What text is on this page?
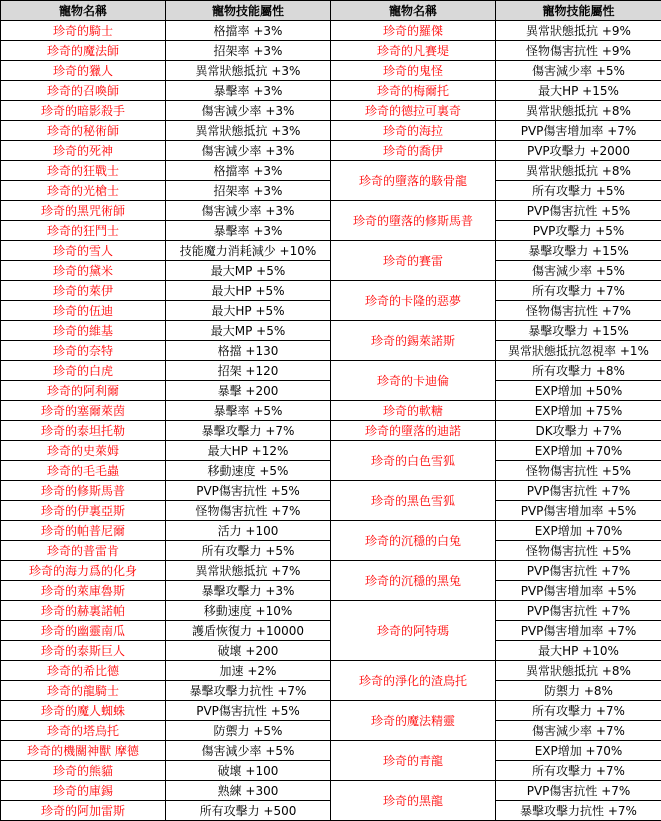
寵物名稱	寵物技能屬性	寵物名稱	寵物技能屬性
珍奇的騎士	格擋率 +3%	珍奇的羅傑	異常狀態抵抗 +9%
珍奇的魔法師	招架率 +3%	珍奇的凡賽堤	怪物傷害抗性 +9%
珍奇的獵人	異常狀態抵抗 +3%	珍奇的鬼怪	傷害減少率 +5%
珍奇的召喚師	暴擊率 +3%	珍奇的梅爾托	最大HP +15%
珍奇的暗影殺手	傷害減少率 +3%	珍奇的德拉可裏奇	異常狀態抵抗 +8%
珍奇的秘術師	異常狀態抵抗 +3%	珍奇的海拉	PVP傷害增加率 +7%
珍奇的死神	傷害減少率 +3%	珍奇的喬伊	PVP攻擊力 +2000
珍奇的狂戰士	格擋率 +3%	珍奇的墮落的駭骨龍	異常狀態抵抗 +8%
珍奇的光槍士	招架率 +3%		所有攻擊力 +5%
珍奇的黑咒術師	傷害減少率 +3%	珍奇的墮落的修斯馬普	PVP傷害抗性 +5%
珍奇的狂鬥士	暴擊率 +3%		PVP攻擊力 +5%
珍奇的雪人	技能魔力消耗減少 +10%	珍奇的賽雷	暴擊攻擊力 +15%
珍奇的黛米	最大MP +5%		傷害減少率 +5%
珍奇的萊伊	最大HP +5%	珍奇的卡隆的惡夢	所有攻擊力 +7%
珍奇的伍迪	最大HP +5%		怪物傷害抗性 +7%
珍奇的維基	最大MP +5%	珍奇的錫萊諾斯	暴擊攻擊力 +15%
珍奇的奈特	格擋 +130		異常狀態抵抗忽視率 +1%
珍奇的白虎	招架 +120	珍奇的卡迪倫	所有攻擊力 +8%
珍奇的阿利爾	暴擊 +200		EXP增加 +50%
珍奇的塞爾萊茵	暴擊率 +5%	珍奇的軟糖	EXP增加 +75%
珍奇的泰坦托勒	暴擊攻擊力 +7%	珍奇的墮落的迪諾	DK攻擊力 +7%
珍奇的史萊姆	最大HP +12%	珍奇的白色雪狐	EXP增加 +70%
珍奇的毛毛蟲	移動速度 +5%		怪物傷害抗性 +5%
珍奇的修斯馬普	PVP傷害抗性 +5%	珍奇的黑色雪狐	PVP傷害抗性 +7%
珍奇的伊裏亞斯	怪物傷害抗性 +7%		PVP傷害增加率 +5%
珍奇的帕普尼爾	活力 +100	珍奇的沉穩的白兔	EXP增加 +70%
珍奇的普雷肯	所有攻擊力 +5%		怪物傷害抗性 +5%
珍奇的海力爲的化身	異常狀態抵抗 +7%	珍奇的沉穩的黑兔	PVP傷害抗性 +7%
珍奇的萊庫魯斯	暴擊攻擊力 +3%		PVP傷害增加率 +5%
珍奇的赫裏諾帕	移動速度 +10%	珍奇的阿特瑪	PVP傷害抗性 +7%
珍奇的幽靈南瓜	護盾恢復力 +10000		PVP傷害增加率 +7%
珍奇的泰斯巨人	破壞 +200		最大HP +10%
珍奇的希比德	加速 +2%	珍奇的淨化的渣鳥托	異常狀態抵抗 +8%
珍奇的龍騎士	暴擊攻擊力抗性 +7%		防禦力 +8%
珍奇的魔人蜘蛛	PVP傷害抗性 +5%	珍奇的魔法精靈	所有攻擊力 +7%
珍奇的塔烏托	防禦力 +5%		傷害減少率 +7%
珍奇的機關神獸 摩德	傷害減少率 +5%	珍奇的青龍	EXP增加 +70%
珍奇的熊貓	破壞 +100		所有攻擊力 +7%
珍奇的庫錫	熟練 +300	珍奇的黑龍	PVP傷害抗性 +7%
珍奇的阿加雷斯	所有攻擊力 +500		暴擊攻擊力抗性 +7%
